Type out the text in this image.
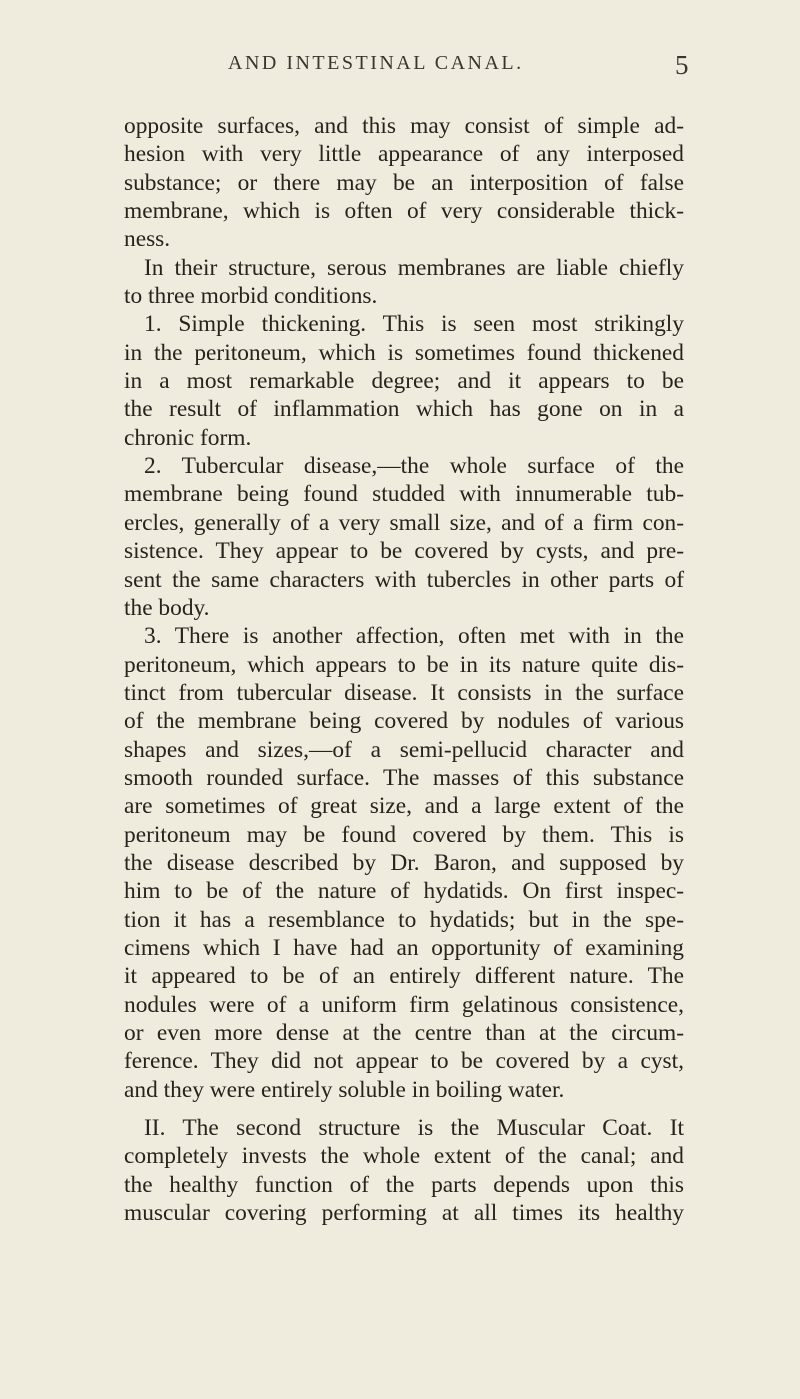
AND INTESTINAL CANAL.	5
opposite surfaces, and this may consist of simple ad-
hesion with very little appearance of any interposed
substance; or there may be an interposition of false
membrane, which is often of very considerable thick-
ness.
In their structure, serous membranes are liable chiefly
to three morbid conditions.
1. Simple thickening. This is seen most strikingly
in the peritoneum, which is sometimes found thickened
in a most remarkable degree; and it appears to be
the result of inflammation which has gone on in a
chronic form.
2. Tubercular disease,—the whole surface of the
membrane being found studded with innumerable tub-
ercles, generally of a very small size, and of a firm con-
sistence. They appear to be covered by cysts, and pre-
sent the same characters with tubercles in other parts of
the body.
3. There is another affection, often met with in the
peritoneum, which appears to be in its nature quite dis-
tinct from tubercular disease. It consists in the surface
of the membrane being covered by nodules of various
shapes and sizes,—of a semi-pellucid character and
smooth rounded surface. The masses of this substance
are sometimes of great size, and a large extent of the
peritoneum may be found covered by them. This is
the disease described by Dr. Baron, and supposed by
him to be of the nature of hydatids. On first inspec-
tion it has a resemblance to hydatids; but in the spe-
cimens which I have had an opportunity of examining
it appeared to be of an entirely different nature. The
nodules were of a uniform firm gelatinous consistence,
or even more dense at the centre than at the circum-
ference. They did not appear to be covered by a cyst,
and they were entirely soluble in boiling water.
II. The second structure is the Muscular Coat. It
completely invests the whole extent of the canal; and
the healthy function of the parts depends upon this
muscular covering performing at all times its healthy
